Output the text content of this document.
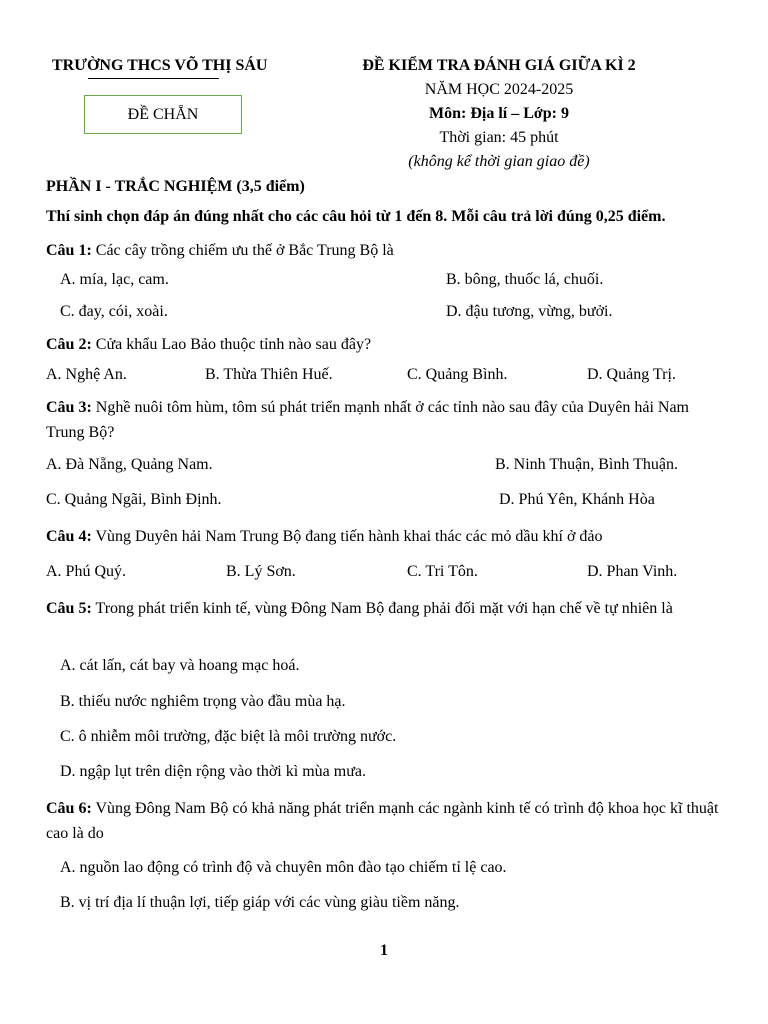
TRƯỜNG THCS VÕ THỊ SÁU
ĐỀ CHẴN
ĐỀ KIỂM TRA ĐÁNH GIÁ GIỮA KÌ 2
NĂM HỌC 2024-2025
Môn: Địa lí – Lớp: 9
Thời gian: 45 phút
(không kể thời gian giao đề)
PHẦN I - TRẮC NGHIỆM (3,5 điểm)
Thí sinh chọn đáp án đúng nhất cho các câu hỏi từ 1 đến 8. Mỗi câu trả lời đúng 0,25 điểm.
Câu 1: Các cây trồng chiếm ưu thế ở Bắc Trung Bộ là
A. mía, lạc, cam.	B. bông, thuốc lá, chuối.
C. đay, cói, xoài.	D. đậu tương, vừng, bưởi.
Câu 2: Cửa khẩu Lao Bảo thuộc tỉnh nào sau đây?
A. Nghệ An.	B. Thừa Thiên Huế.	C. Quảng Bình.	D. Quảng Trị.
Câu 3: Nghề nuôi tôm hùm, tôm sú phát triển mạnh nhất ở các tỉnh nào sau đây của Duyên hải Nam Trung Bộ?
A. Đà Nẵng, Quảng Nam.	B. Ninh Thuận, Bình Thuận.
C. Quảng Ngãi, Bình Định.	D. Phú Yên, Khánh Hòa
Câu 4: Vùng Duyên hải Nam Trung Bộ đang tiến hành khai thác các mỏ dầu khí ở đảo
A. Phú Quý.	B. Lý Sơn.	C. Tri Tôn.	D. Phan Vinh.
Câu 5: Trong phát triển kinh tế, vùng Đông Nam Bộ đang phải đối mặt với hạn chế về tự nhiên là
A. cát lấn, cát bay và hoang mạc hoá.
B. thiếu nước nghiêm trọng vào đầu mùa hạ.
C. ô nhiễm môi trường, đặc biệt là môi trường nước.
D. ngập lụt trên diện rộng vào thời kì mùa mưa.
Câu 6: Vùng Đông Nam Bộ có khả năng phát triển mạnh các ngành kinh tế có trình độ khoa học kĩ thuật cao là do
A. nguồn lao động có trình độ và chuyên môn đào tạo chiếm tỉ lệ cao.
B. vị trí địa lí thuận lợi, tiếp giáp với các vùng giàu tiềm năng.
1
